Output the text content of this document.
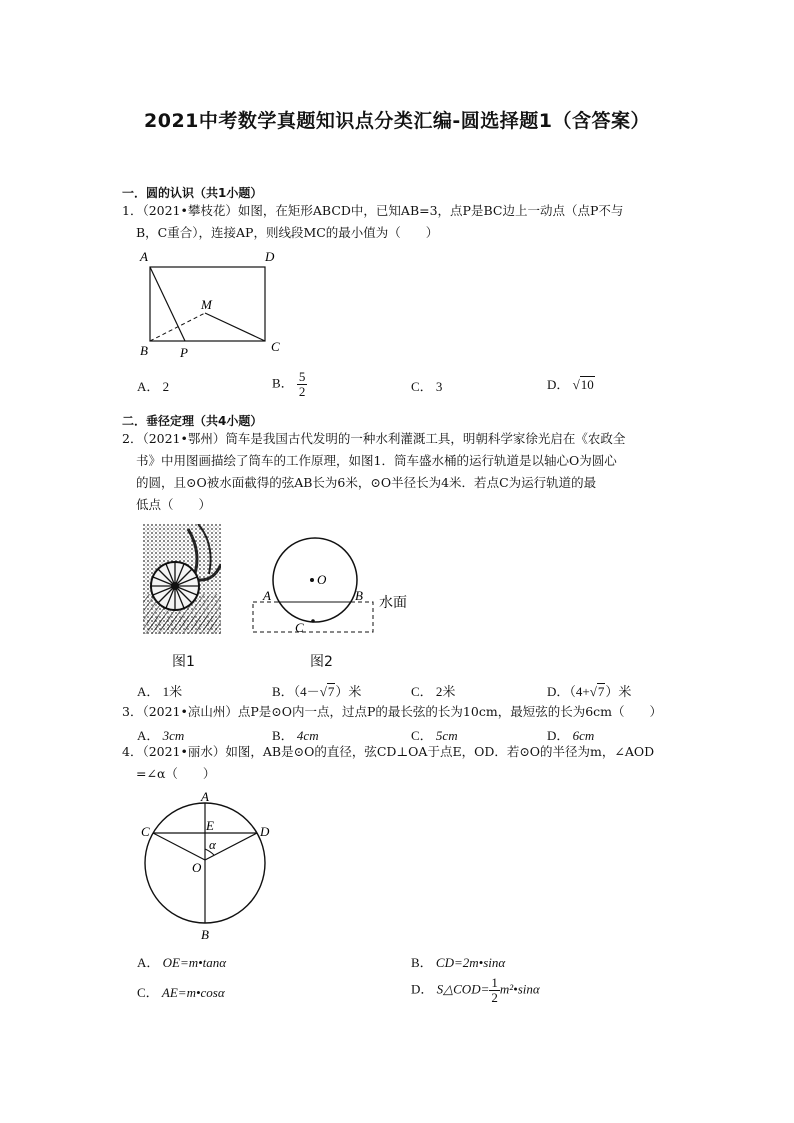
2021中考数学真题知识点分类汇编-圆选择题1（含答案）
一．圆的认识（共1小题）
1．（2021•攀枝花）如图，在矩形ABCD中，已知AB=3，点P是BC边上一动点（点P不与
B，C重合），连接AP，则线段MC的最小值为（　　）
A	D
B	C
P
M
A． 2	B． $\frac{5}{2}$	C． 3	D． √10
二．垂径定理（共4小题）
2．（2021•鄂州）筒车是我国古代发明的一种水利灌溉工具，明朝科学家徐光启在《农政全
书》中用图画描绘了筒车的工作原理，如图1．筒车盛水桶的运行轨道是以轴心O为圆心
的圆，且⊙O被水面截得的弦AB长为6米，⊙O半径长为4米．若点C为运行轨道的最
低点（　　）
图1
O
A	B
C
水面
图2
A． 1米	B．（4－√7）米	C． 2米	D．（4+√7）米
3．（2021•凉山州）点P是⊙O内一点，过点P的最长弦的长为10cm，最短弦的长为6cm（　　）
A． 3cm	B． 4cm	C． 5cm	D． 6cm
4．（2021•丽水）如图，AB是⊙O的直径，弦CD⊥OA于点E，OD．若⊙O的半径为m，∠AOD
=∠α（　　）
A
B
C	D
E
O
α
A． OE=m•tanα	B． CD=2m•sinα
C． AE=m•cosα	D． S△COD= $\frac{1}{2}$ m²•sinα
